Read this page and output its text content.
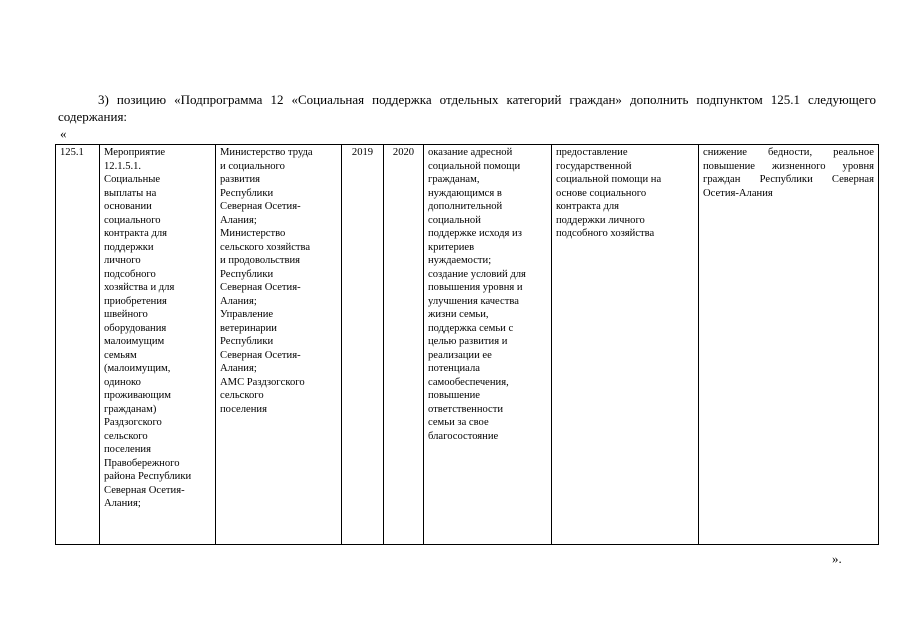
3) позицию «Подпрограмма 12 «Социальная поддержка отдельных категорий граждан» дополнить подпунктом 125.1 следующего содержания:
«
125.1	Мероприятие
12.1.5.1.
Социальные
выплаты на
основании
социального
контракта для
поддержки
личного
подсобного
хозяйства и для
приобретения
швейного
оборудования
малоимущим
семьям
(малоимущим,
одиноко
проживающим
гражданам)
Раздзогского
сельского
поселения
Правобережного
района Республики
Северная Осетия-
Алания;	Министерство труда
и социального
развития
Республики
Северная Осетия-
Алания;
Министерство
сельского хозяйства
и продовольствия
Республики
Северная Осетия-
Алания;
Управление
ветеринарии
Республики
Северная Осетия-
Алания;
АМС Раздзогского
сельского
поселения	2019	2020	оказание адресной
социальной помощи
гражданам,
нуждающимся в
дополнительной
социальной
поддержке исходя из
критериев
нуждаемости;
создание условий для
повышения уровня и
улучшения качества
жизни семьи,
поддержка семьи с
целью развития и
реализации ее
потенциала
самообеспечения,
повышение
ответственности
семьи за свое
благосостояние	предоставление
государственной
социальной помощи на
основе социального
контракта для
поддержки личного
подсобного хозяйства	снижение бедности, реальное повышение жизненного уровня граждан Республики Северная Осетия-Алания
».
